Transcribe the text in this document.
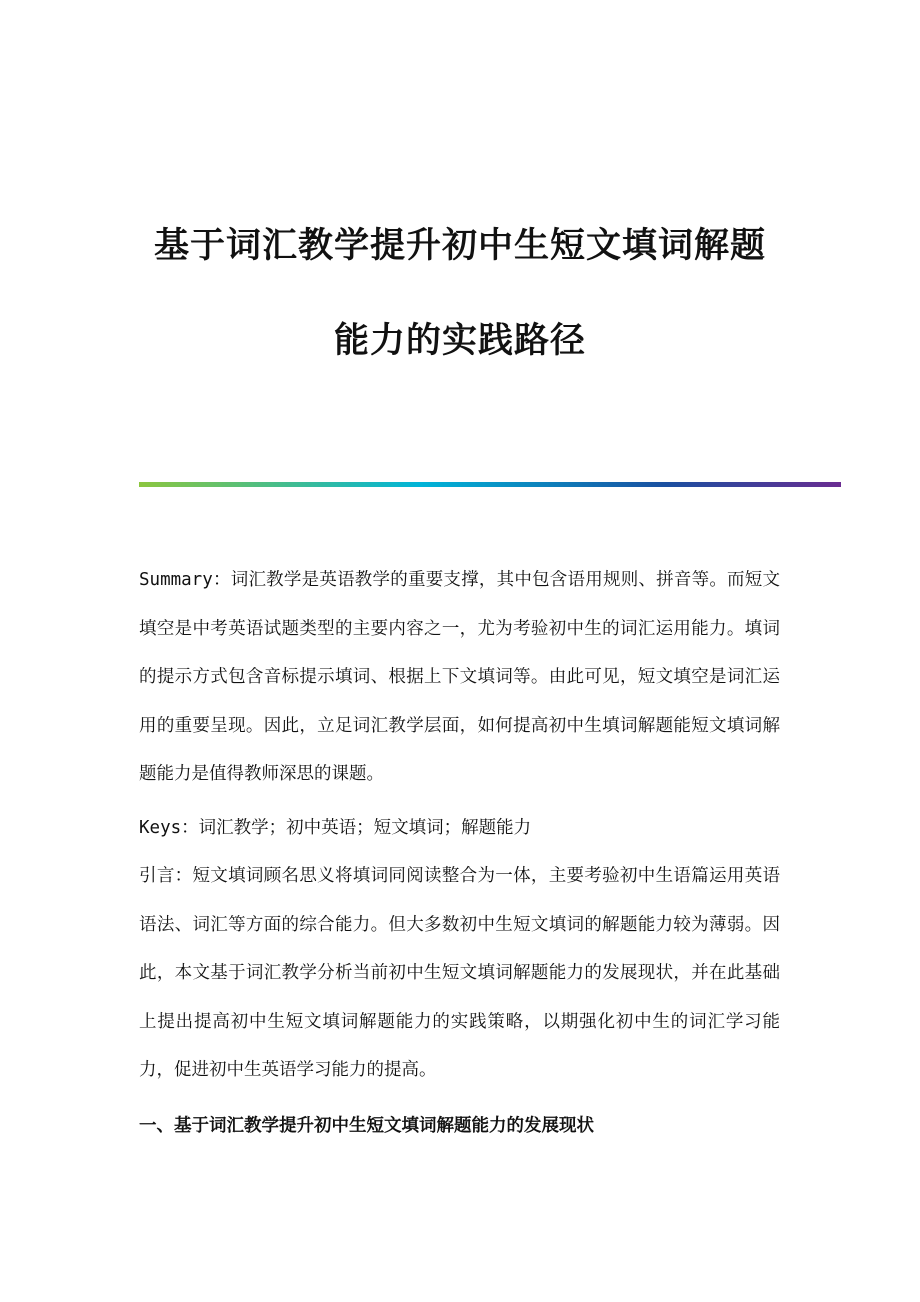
基于词汇教学提升初中生短文填词解题
能力的实践路径

Summary：词汇教学是英语教学的重要支撑，其中包含语用规则、拼音等。而短文填空是中考英语试题类型的主要内容之一，尤为考验初中生的词汇运用能力。填词的提示方式包含音标提示填词、根据上下文填词等。由此可见，短文填空是词汇运用的重要呈现。因此，立足词汇教学层面，如何提高初中生填词解题能短文填词解题能力是值得教师深思的课题。

Keys：词汇教学；初中英语；短文填词；解题能力

引言：短文填词顾名思义将填词同阅读整合为一体，主要考验初中生语篇运用英语语法、词汇等方面的综合能力。但大多数初中生短文填词的解题能力较为薄弱。因此，本文基于词汇教学分析当前初中生短文填词解题能力的发展现状，并在此基础上提出提高初中生短文填词解题能力的实践策略，以期强化初中生的词汇学习能力，促进初中生英语学习能力的提高。

一、基于词汇教学提升初中生短文填词解题能力的发展现状
